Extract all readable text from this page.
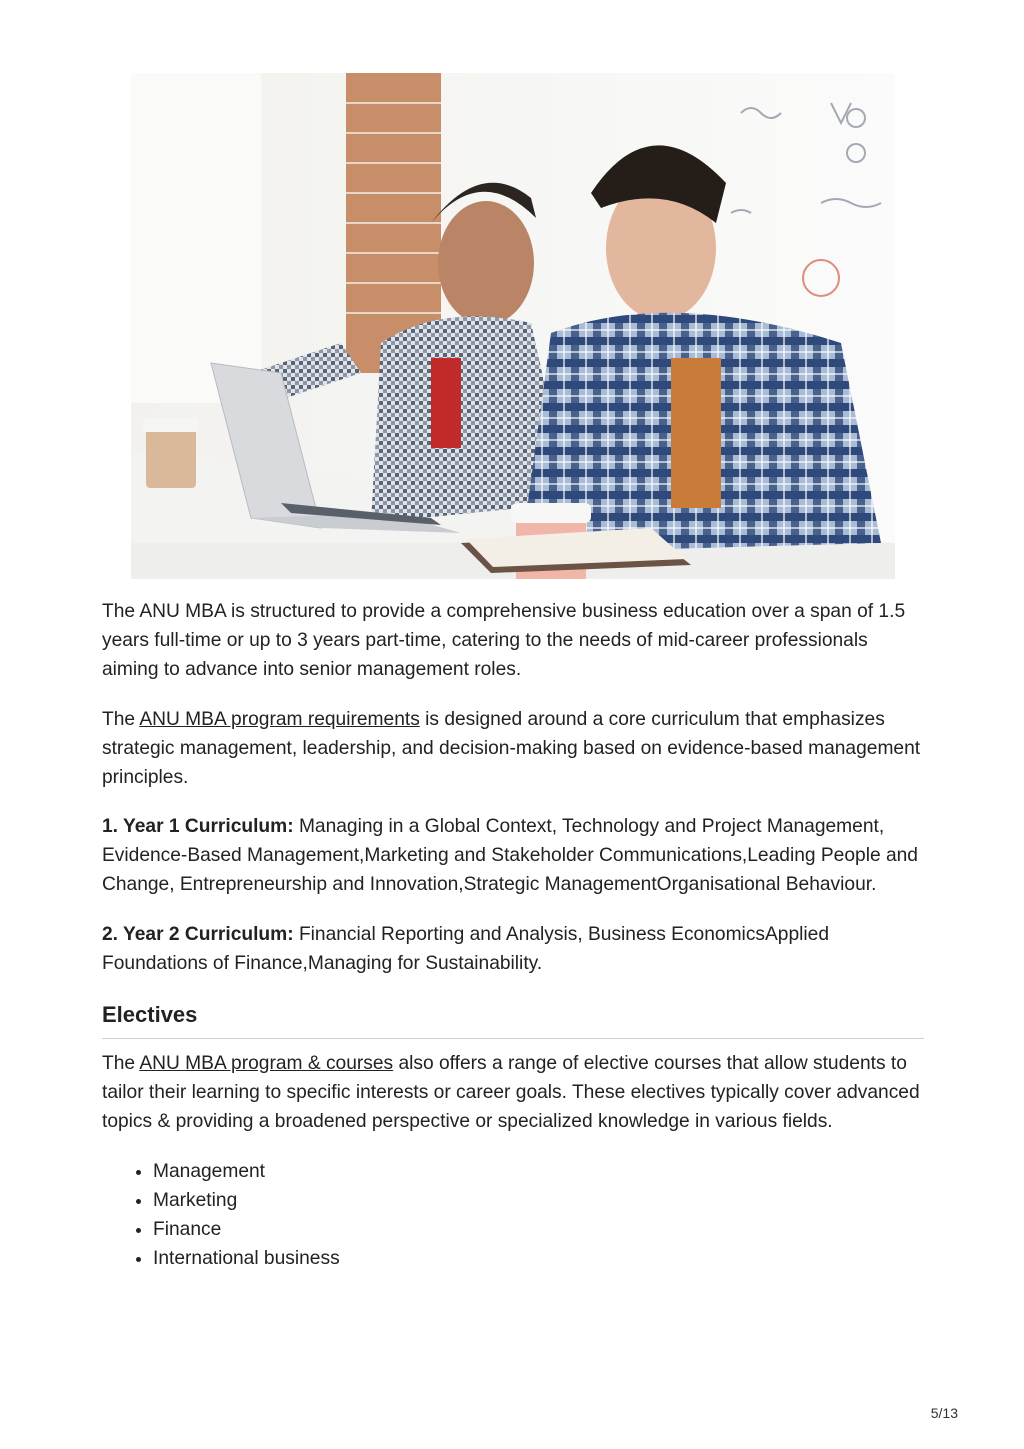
The ANU MBA is structured to provide a comprehensive business education over a span of 1.5 years full-time or up to 3 years part-time, catering to the needs of mid-career professionals aiming to advance into senior management roles.

The ANU MBA program requirements is designed around a core curriculum that emphasizes strategic management, leadership, and decision-making based on evidence-based management principles.

1. Year 1 Curriculum: Managing in a Global Context, Technology and Project Management, Evidence-Based Management,Marketing and Stakeholder Communications,Leading People and Change, Entrepreneurship and Innovation,Strategic ManagementOrganisational Behaviour.

2. Year 2 Curriculum: Financial Reporting and Analysis, Business EconomicsApplied Foundations of Finance,Managing for Sustainability.

Electives

The ANU MBA program & courses also offers a range of elective courses that allow students to tailor their learning to specific interests or career goals. These electives typically cover advanced topics & providing a broadened perspective or specialized knowledge in various fields.

• Management
• Marketing
• Finance
• International business
5/13
